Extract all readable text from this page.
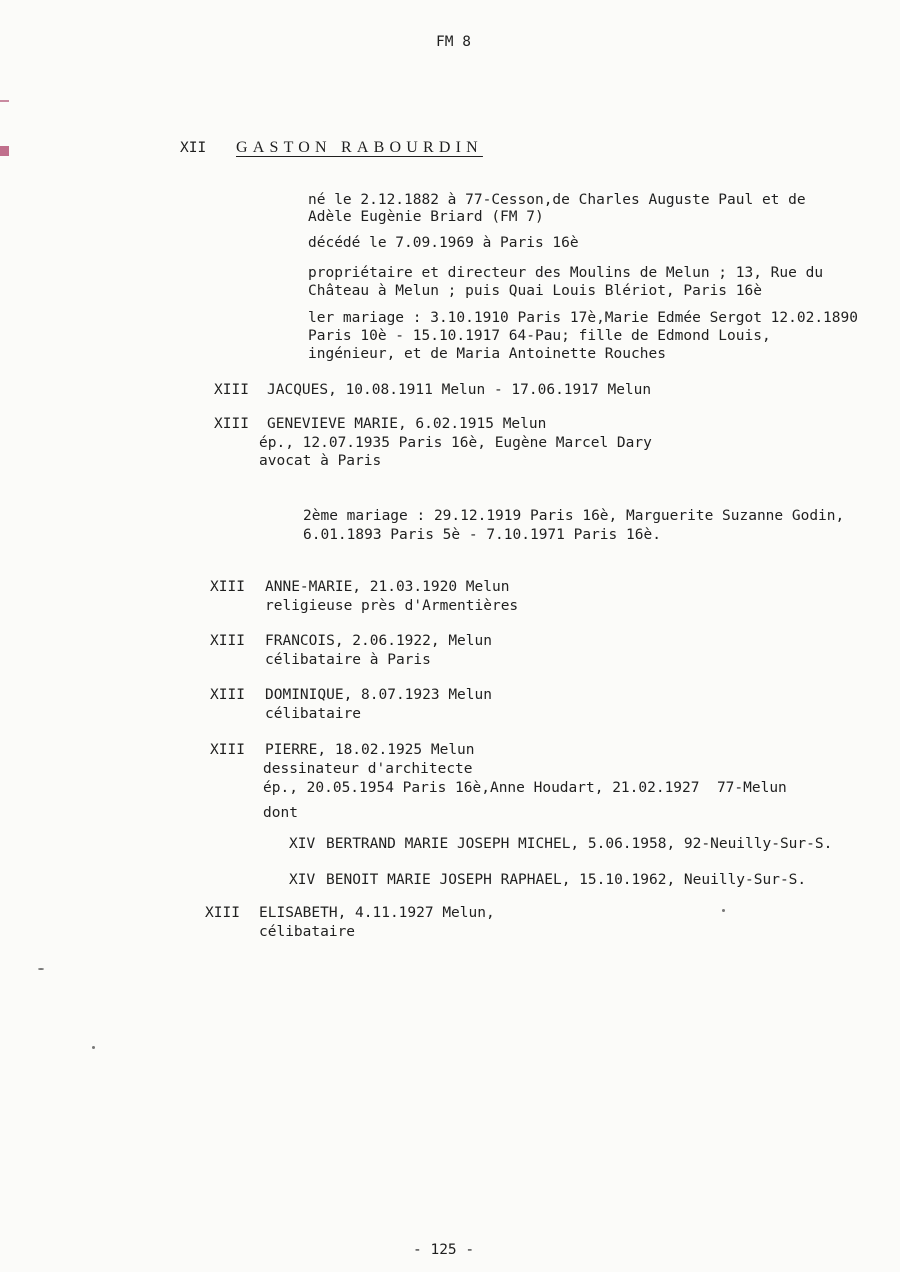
FM 8
XII GASTON RABOURDIN
né le 2.12.1882 à 77-Cesson,de Charles Auguste Paul et de
Adèle Eugènie Briard (FM 7)
décédé le 7.09.1969 à Paris 16è
propriétaire et directeur des Moulins de Melun ; 13, Rue du
Château à Melun ; puis Quai Louis Blériot, Paris 16è
ler mariage : 3.10.1910 Paris 17è,Marie Edmée Sergot 12.02.1890
Paris 10è - 15.10.1917 64-Pau; fille de Edmond Louis,
ingénieur, et de Maria Antoinette Rouches
XIII JACQUES, 10.08.1911 Melun - 17.06.1917 Melun
XIII GENEVIEVE MARIE, 6.02.1915 Melun
ép., 12.07.1935 Paris 16è, Eugène Marcel Dary
avocat à Paris
2ème mariage : 29.12.1919 Paris 16è, Marguerite Suzanne Godin,
6.01.1893 Paris 5è - 7.10.1971 Paris 16è.
XIII ANNE-MARIE, 21.03.1920 Melun
religieuse près d'Armentières
XIII FRANCOIS, 2.06.1922, Melun
célibataire à Paris
XIII DOMINIQUE, 8.07.1923 Melun
célibataire
XIII PIERRE, 18.02.1925 Melun
dessinateur d'architecte
ép., 20.05.1954 Paris 16è,Anne Houdart, 21.02.1927  77-Melun
dont
XIV BERTRAND MARIE JOSEPH MICHEL, 5.06.1958, 92-Neuilly-Sur-S.
XIV BENOIT MARIE JOSEPH RAPHAEL, 15.10.1962, Neuilly-Sur-S.
XIII ELISABETH, 4.11.1927 Melun,
célibataire
- 125 -
